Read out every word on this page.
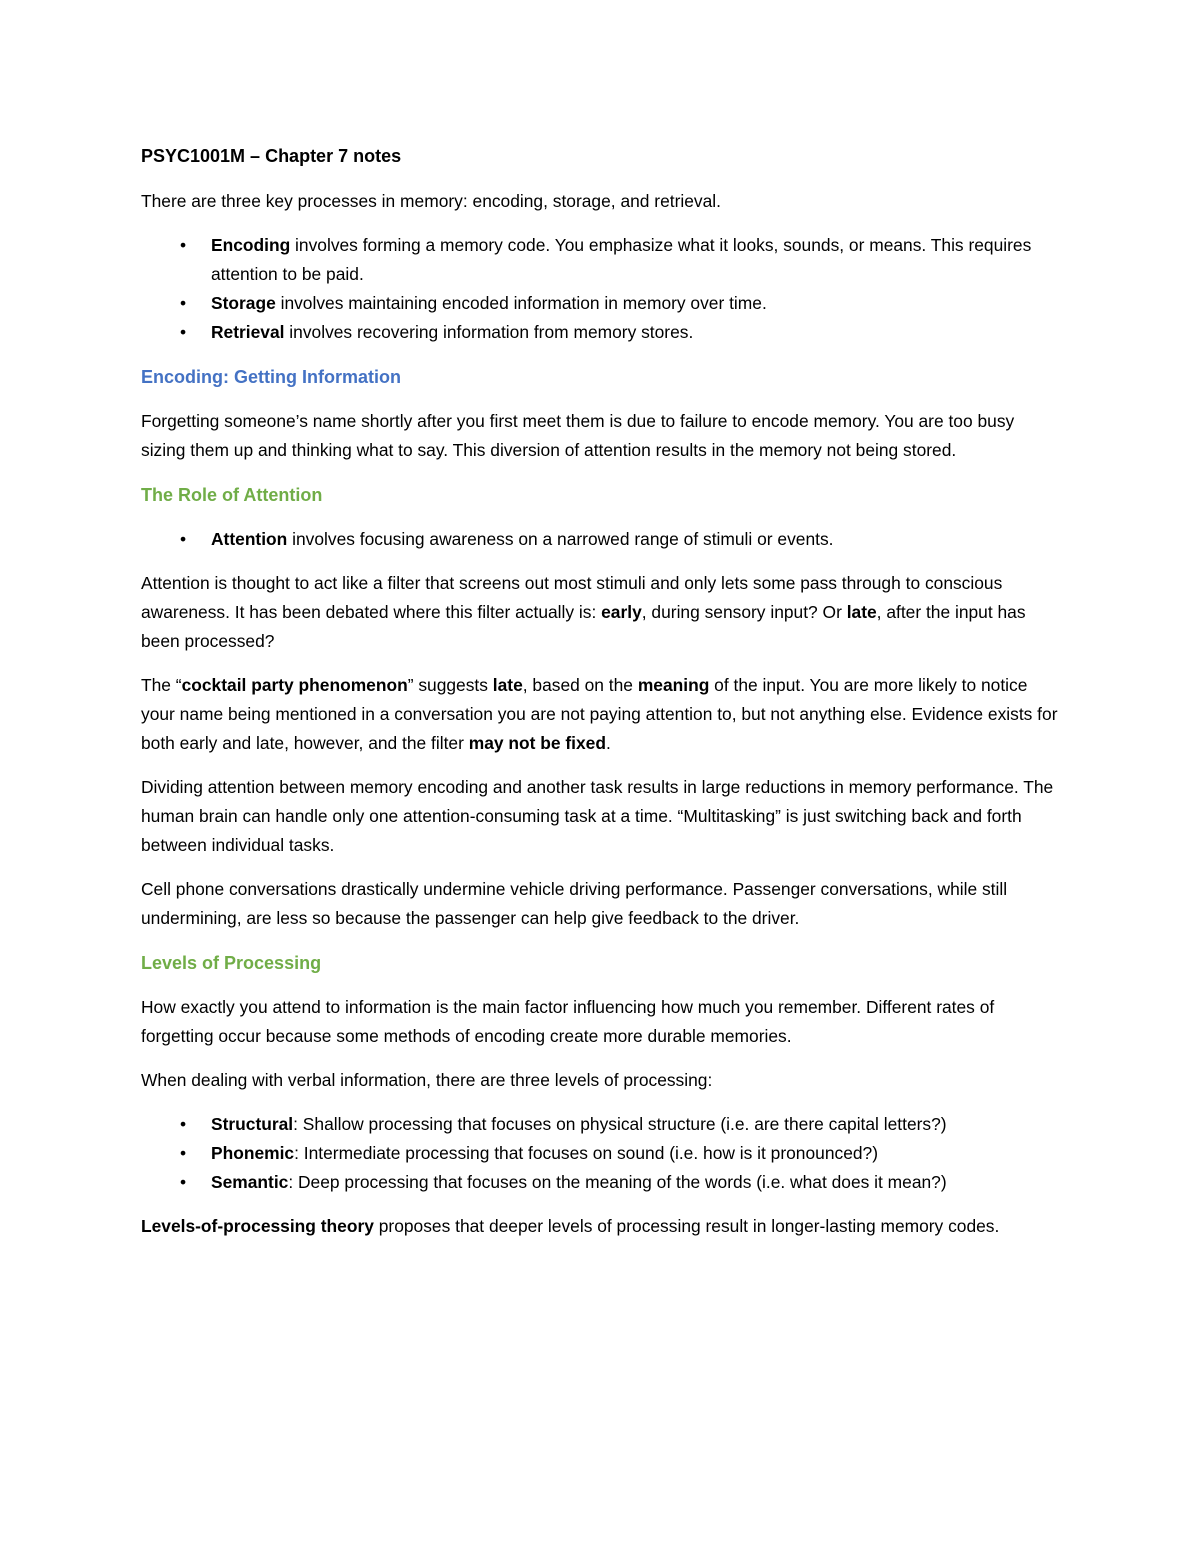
PSYC1001M – Chapter 7 notes

There are three key processes in memory: encoding, storage, and retrieval.

•	Encoding involves forming a memory code. You emphasize what it looks, sounds, or means. This requires attention to be paid.
•	Storage involves maintaining encoded information in memory over time.
•	Retrieval involves recovering information from memory stores.

Encoding: Getting Information

Forgetting someone’s name shortly after you first meet them is due to failure to encode memory. You are too busy sizing them up and thinking what to say. This diversion of attention results in the memory not being stored.

The Role of Attention

•	Attention involves focusing awareness on a narrowed range of stimuli or events.

Attention is thought to act like a filter that screens out most stimuli and only lets some pass through to conscious awareness. It has been debated where this filter actually is: early, during sensory input? Or late, after the input has been processed?

The “cocktail party phenomenon” suggests late, based on the meaning of the input. You are more likely to notice your name being mentioned in a conversation you are not paying attention to, but not anything else. Evidence exists for both early and late, however, and the filter may not be fixed.

Dividing attention between memory encoding and another task results in large reductions in memory performance. The human brain can handle only one attention-consuming task at a time. “Multitasking” is just switching back and forth between individual tasks.

Cell phone conversations drastically undermine vehicle driving performance. Passenger conversations, while still undermining, are less so because the passenger can help give feedback to the driver.

Levels of Processing

How exactly you attend to information is the main factor influencing how much you remember. Different rates of forgetting occur because some methods of encoding create more durable memories.

When dealing with verbal information, there are three levels of processing:

•	Structural: Shallow processing that focuses on physical structure (i.e. are there capital letters?)
•	Phonemic: Intermediate processing that focuses on sound (i.e. how is it pronounced?)
•	Semantic: Deep processing that focuses on the meaning of the words (i.e. what does it mean?)

Levels-of-processing theory proposes that deeper levels of processing result in longer-lasting memory codes.
